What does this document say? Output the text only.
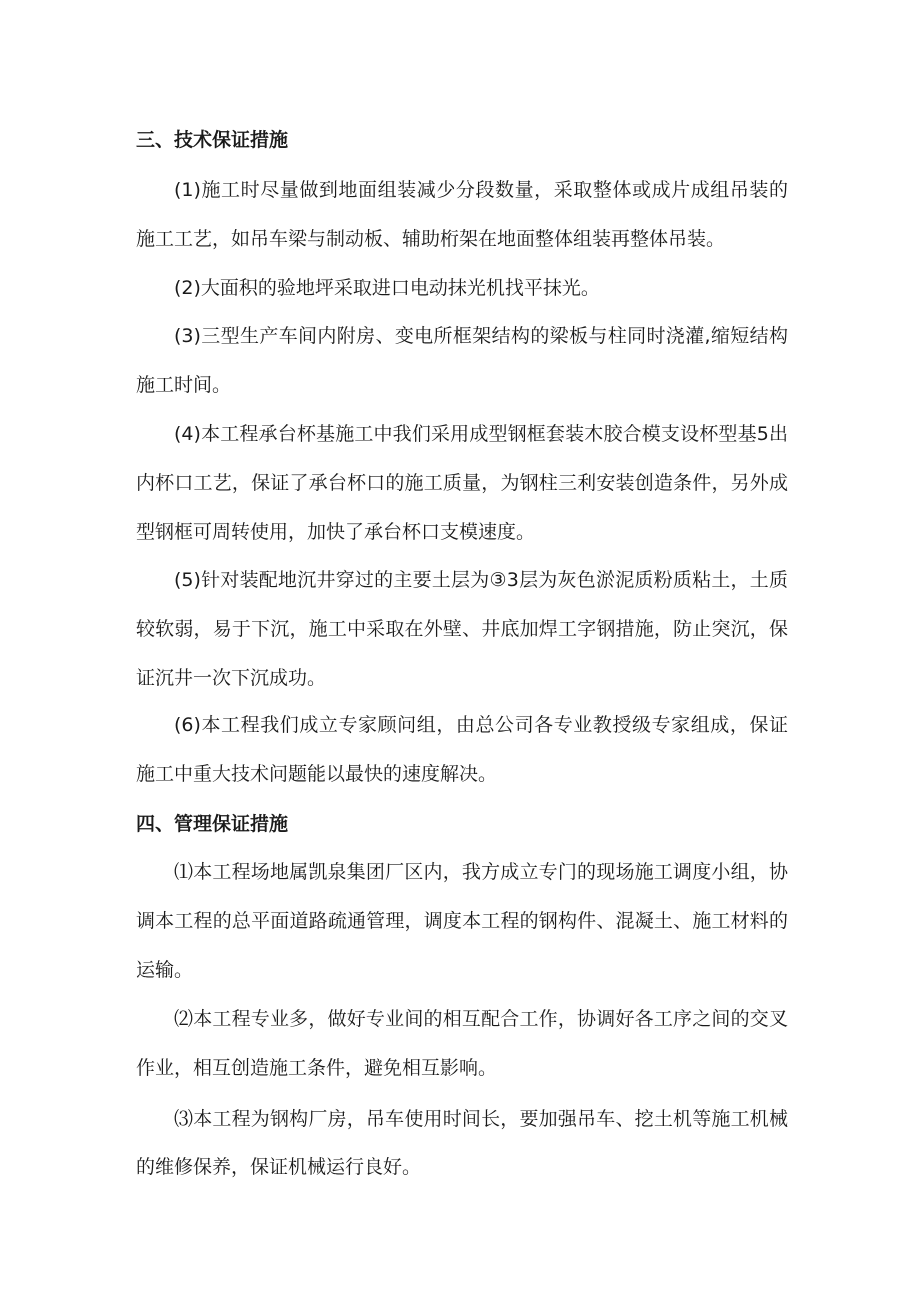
三、技术保证措施

(1)施工时尽量做到地面组装减少分段数量，采取整体或成片成组吊装的施工工艺，如吊车梁与制动板、辅助桁架在地面整体组装再整体吊装。

(2)大面积的验地坪采取进口电动抹光机找平抹光。

(3)三型生产车间内附房、变电所框架结构的梁板与柱同时浇灌,缩短结构施工时间。

(4)本工程承台杯基施工中我们采用成型钢框套装木胶合模支设杯型基5出内杯口工艺，保证了承台杯口的施工质量，为钢柱三利安装创造条件，另外成型钢框可周转使用，加快了承台杯口支模速度。

(5)针对装配地沉井穿过的主要土层为③3层为灰色淤泥质粉质粘土，土质较软弱，易于下沉，施工中采取在外壁、井底加焊工字钢措施，防止突沉，保证沉井一次下沉成功。

(6)本工程我们成立专家顾问组，由总公司各专业教授级专家组成，保证施工中重大技术问题能以最快的速度解决。

四、管理保证措施

⑴本工程场地属凯泉集团厂区内，我方成立专门的现场施工调度小组，协调本工程的总平面道路疏通管理，调度本工程的钢构件、混凝土、施工材料的运输。

⑵本工程专业多，做好专业间的相互配合工作，协调好各工序之间的交叉作业，相互创造施工条件，避免相互影响。

⑶本工程为钢构厂房，吊车使用时间长，要加强吊车、挖土机等施工机械的维修保养，保证机械运行良好。
